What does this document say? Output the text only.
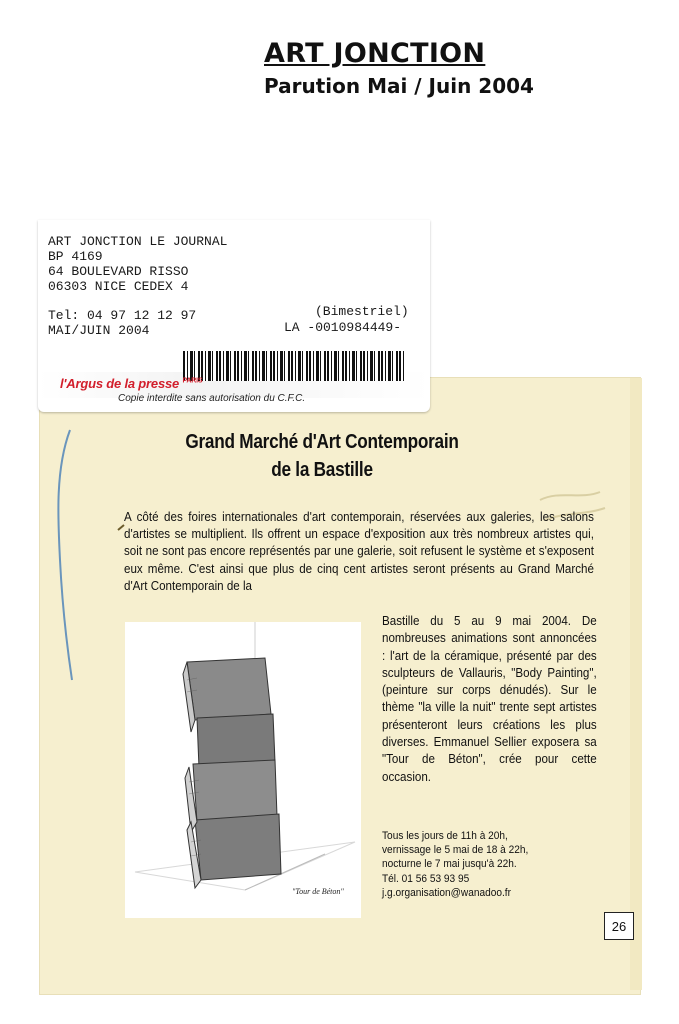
ART JONCTION
Parution Mai / Juin 2004
ART JONCTION LE JOURNAL
BP 4169
64 BOULEVARD RISSO
06303 NICE CEDEX 4
Tel: 04 97 12 12 97
MAI/JUIN 2004
(Bimestriel)
LA -0010984449-
l'Argus de la presse $^{PARIS}$
Copie interdite sans autorisation du C.F.C.
Grand Marché d'Art Contemporain
de la Bastille
A côté des foires internationales d'art contemporain, réservées aux galeries, les salons d'artistes se multiplient. Ils offrent un espace d'exposition aux très nombreux artistes qui, soit ne sont pas encore représentés par une galerie, soit refusent le système et s'exposent eux même. C'est ainsi que plus de cinq cent artistes seront présents au Grand Marché d'Art Contemporain de la
"Tour de Béton"
Bastille du 5 au 9 mai 2004. De nombreuses animations sont annoncées : l'art de la céramique, présenté par des sculpteurs de Vallauris, "Body Painting", (peinture sur corps dénudés). Sur le thème "la ville la nuit" trente sept artistes présenteront leurs créations les plus diverses. Emmanuel Sellier exposera sa "Tour de Béton", crée pour cette occasion.
Tous les jours de 11h à 20h,
vernissage le 5 mai de 18 à 22h,
nocturne le 7 mai jusqu'à 22h.
Tél. 01 56 53 93 95
j.g.organisation@wanadoo.fr
26
